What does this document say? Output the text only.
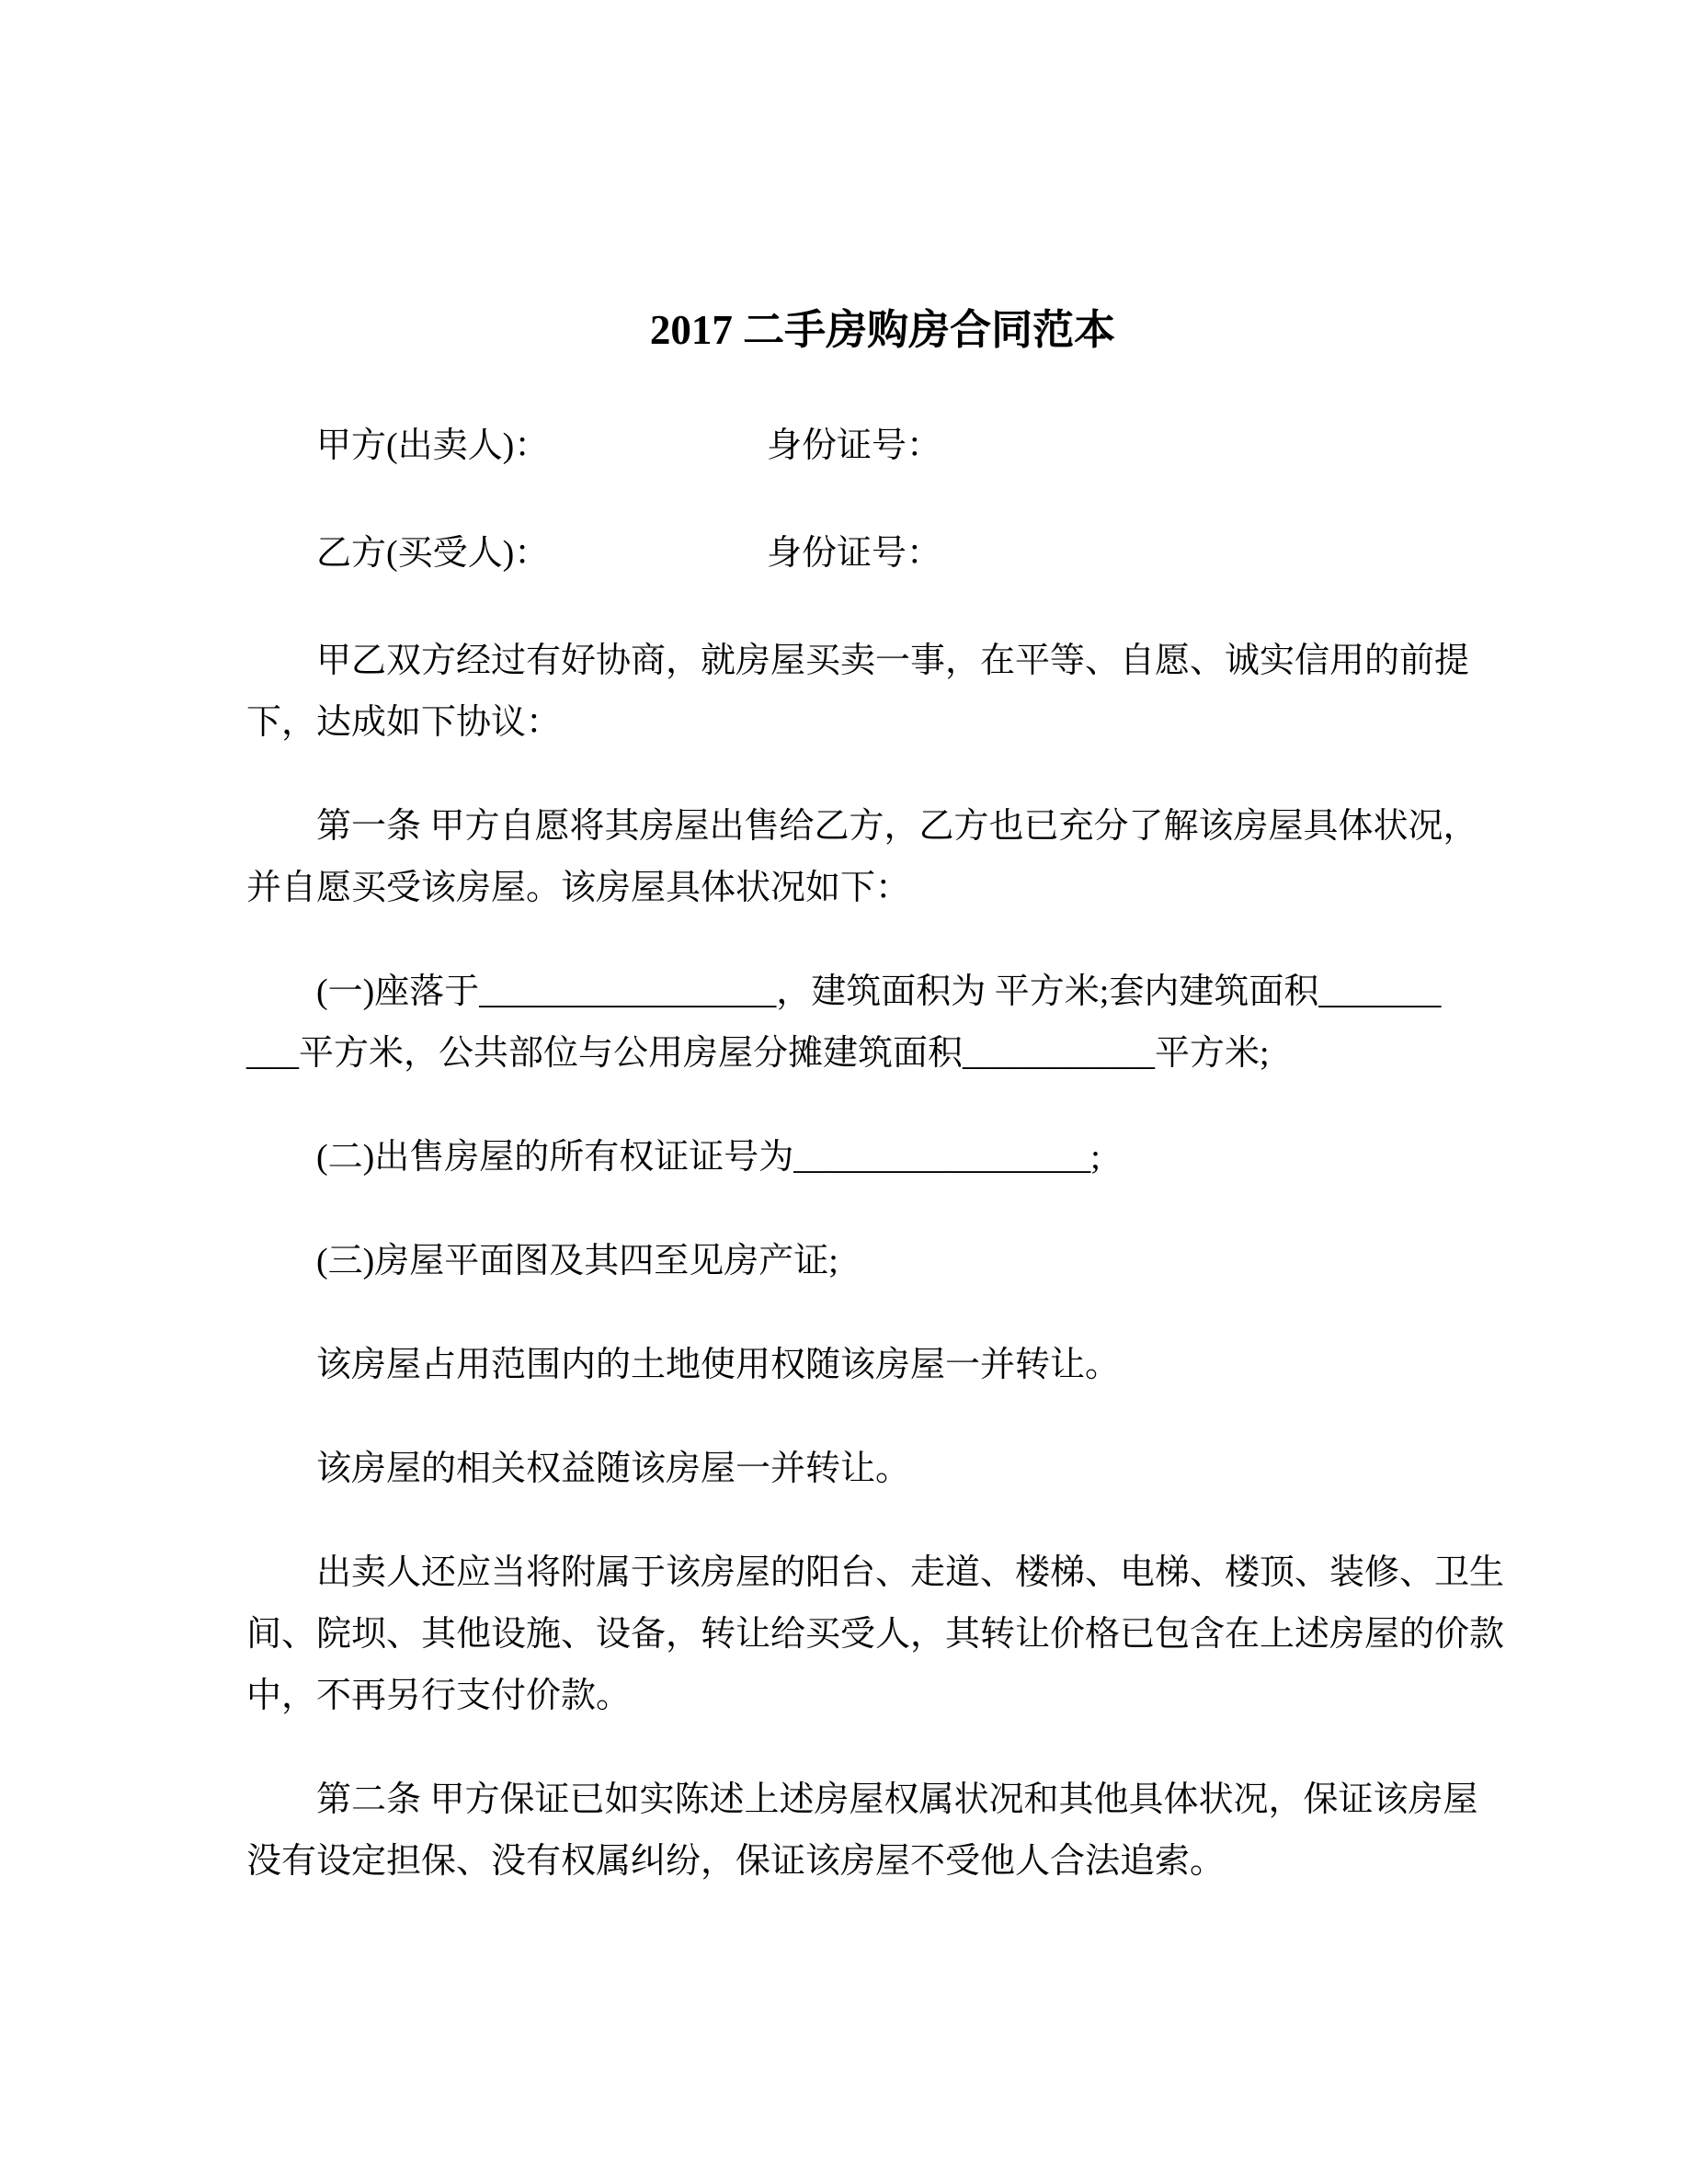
2017 二手房购房合同范本
甲方(出卖人)：	身份证号：
乙方(买受人)：	身份证号：
甲乙双方经过有好协商，就房屋买卖一事，在平等、自愿、诚实信用的前提
下，达成如下协议：
第一条 甲方自愿将其房屋出售给乙方，乙方也已充分了解该房屋具体状况，
并自愿买受该房屋。该房屋具体状况如下：
(一)座落于_________________，建筑面积为 平方米;套内建筑面积_______
___平方米，公共部位与公用房屋分摊建筑面积___________平方米;
(二)出售房屋的所有权证证号为_________________;
(三)房屋平面图及其四至见房产证;
该房屋占用范围内的土地使用权随该房屋一并转让。
该房屋的相关权益随该房屋一并转让。
出卖人还应当将附属于该房屋的阳台、走道、楼梯、电梯、楼顶、装修、卫生
间、院坝、其他设施、设备，转让给买受人，其转让价格已包含在上述房屋的价款
中，不再另行支付价款。
第二条 甲方保证已如实陈述上述房屋权属状况和其他具体状况，保证该房屋
没有设定担保、没有权属纠纷，保证该房屋不受他人合法追索。
